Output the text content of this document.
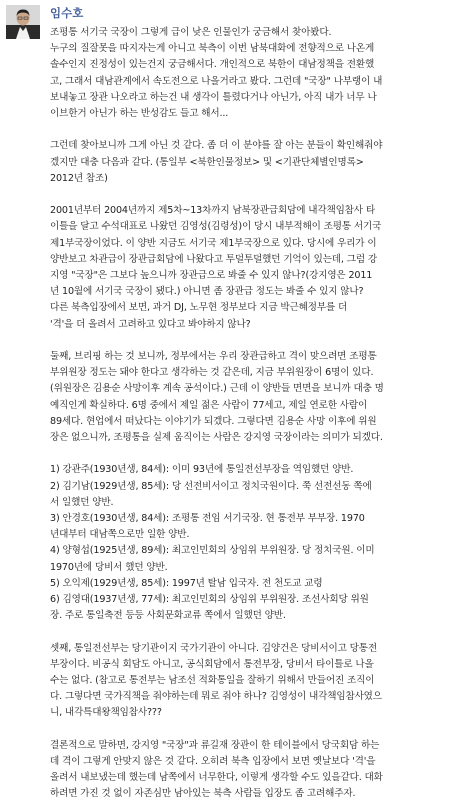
임수호

조평통 서기국 국장이 그렇게 급이 낮은 인물인가 궁금해서 찾아봤다.
누구의 질잘못을 따지자는게 아니고 북측이 이번 남북대화에 전향적으로 나온게
솔수인지 진정성이 있는건지 궁금해서다. 개인적으로 북한이 대남정책을 전환했
고, 그래서 대남관계에서 속도전으로 나올거라고 봤다. 그런데 "국장" 나부랭이 내
보내놓고 장관 나오라고 하는건 내 생각이 틀렸다거나 아닌가, 아직 내가 너무 나
이브한거 아닌가 하는 반성감도 들고 해서...

그런데 찾아보니까 그게 아닌 것 같다. 좀 더 이 분야를 잘 아는 분들이 확인해줘야
겠지만 대충 다음과 같다. (통일부 <북한인물정보> 및 <기관단체별인명록>
2012년 참조)

2001년부터 2004년까지 제5차~13차까지 남북장관급회담에 내각책임참사 타
이틀을 달고 수석대표로 나왔던 김영성(김령성)이 당시 내부적해이 조평통 서기국
제1부국장이었다. 이 양반 지금도 서기국 제1부국장으로 있다. 당시에 우리가 이
양반보고 차관급이 장관급회담에 나왔다고 투덜투덜했던 기억이 있는데, 그럼 강
지영 "국장"은 그보다 높으니까 장관급으로 봐줄 수 있지 않나?(강지영은 2011
년 10월에 서기국 국장이 됐다.) 아니면 좀 장관급 정도는 봐줄 수 있지 않나?
다른 북측입장에서 보면, 과거 DJ, 노무현 정부보다 지금 박근혜정부를 더
'격'을 더 올려서 고려하고 있다고 봐야하지 않나?

둘째, 브리핑 하는 것 보니까, 정부에서는 우리 장관급하고 격이 맞으려면 조평통
부위원장 정도는 돼야 한다고 생각하는 것 같은데, 지금 부위원장이 6명이 있다.
(위원장은 김용순 사망이후 계속 공석이다.) 근데 이 양반들 면면을 보니까 대충 명
예직인게 확실하다. 6명 중에서 제일 젊은 사람이 77세고, 제일 연로한 사람이
89세다. 현업에서 떠났다는 이야기가 되겠다. 그렇다면 김용순 사망 이후에 위원
장은 없으니까, 조평통을 실제 움직이는 사람은 강지영 국장이라는 의미가 되겠다.

1) 강관주(1930년생, 84세): 이미 93년에 통일전선부장을 역임했던 양반.
2) 김기남(1929년생, 85세): 당 선전비서이고 정치국원이다. 쭉 선전선동 쪽에
서 일했던 양반.
3) 안경호(1930년생, 84세): 조평통 전임 서기국장. 현 통전부 부부장. 1970
년대부터 대남쪽으로만 일한 양반.
4) 양형섭(1925년생, 89세): 최고인민회의 상임위 부위원장. 당 정치국원. 이미
1970년에 당비서 했던 양반.
5) 오익제(1929년생, 85세): 1997년 탈남 입국자. 전 천도교 교령
6) 김영대(1937년생, 77세): 최고인민회의 상임위 부위원장. 조선사회당 위원
장. 주로 통일축전 등등 사회문화교류 쪽에서 일했던 양반.

셋째, 통일전선부는 당기관이지 국가기관이 아니다. 김양건은 당비서이고 당통전
부장이다. 비공식 회담도 아니고, 공식회담에서 통전부장, 당비서 타이틀로 나올
수는 없다. (참고로 통전부는 남조선 적화통일을 잘하기 위해서 만들어진 조직이
다. 그렇다면 국가직책을 줘야하는데 뭐로 줘야 하나? 김영성이 내각책임참사였으
니, 내각특대왕책임참사???

결론적으로 말하면, 강지영 "국장"과 류길재 장관이 한 테이블에서 당국회담 하는
데 격이 그렇게 안맞지 않은 것 같다. 오히려 북측 입장에서 보면 옛날보다 '격'을
올려서 내보냈는데 했는데 남쪽에서 너무한다, 이렇게 생각할 수도 있을같다. 대화
하려면 가진 것 없이 자존심만 남아있는 북측 사람들 입장도 좀 고려해주자.
